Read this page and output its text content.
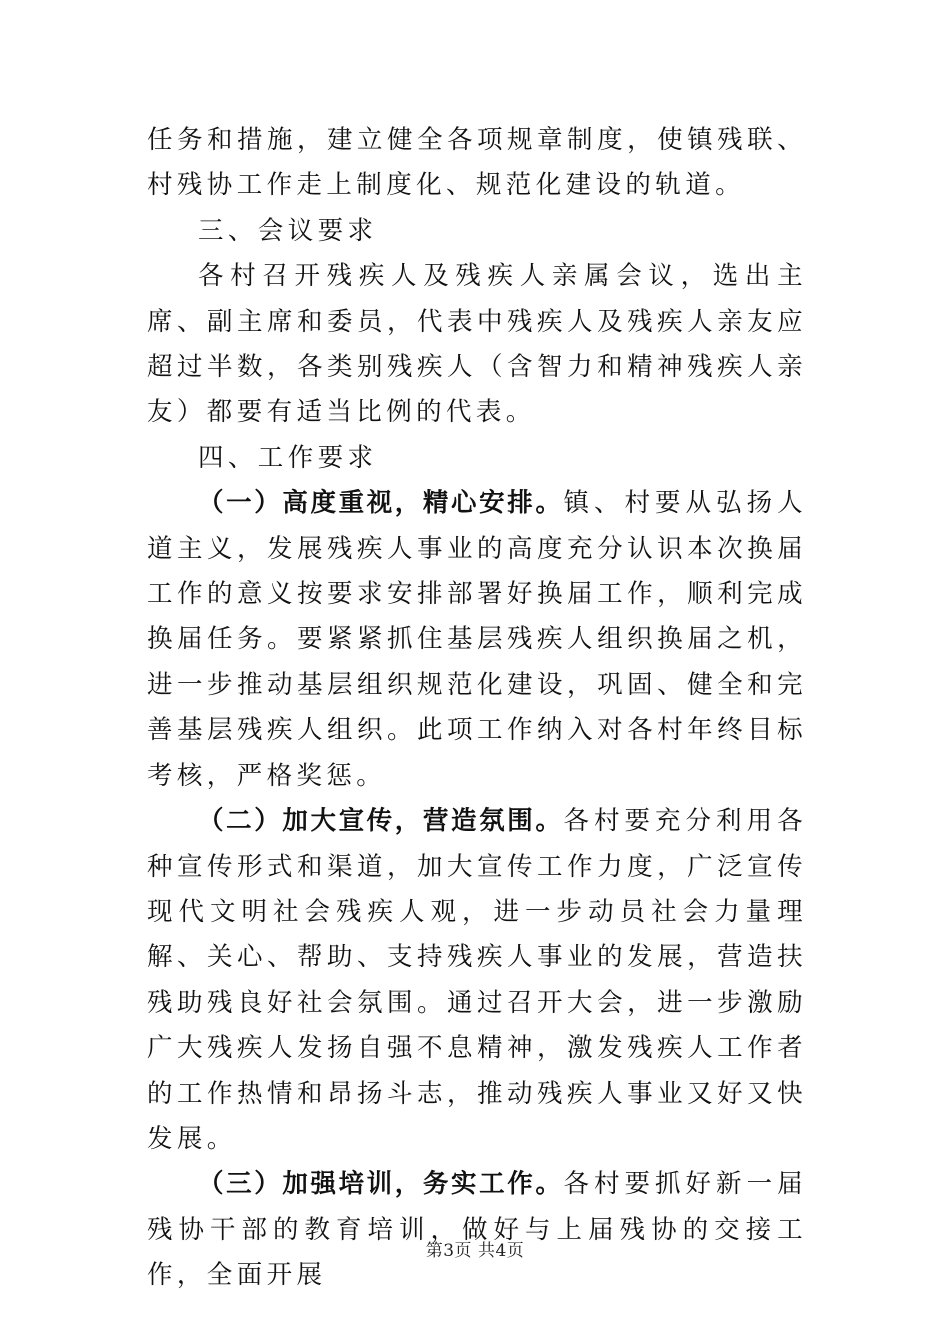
任务和措施，建立健全各项规章制度，使镇残联、村残协工作走上制度化、规范化建设的轨道。

三、会议要求

各村召开残疾人及残疾人亲属会议，选出主席、副主席和委员，代表中残疾人及残疾人亲友应超过半数，各类别残疾人（含智力和精神残疾人亲友）都要有适当比例的代表。

四、工作要求

（一）高度重视，精心安排。镇、村要从弘扬人道主义，发展残疾人事业的高度充分认识本次换届工作的意义按要求安排部署好换届工作，顺利完成换届任务。要紧紧抓住基层残疾人组织换届之机，进一步推动基层组织规范化建设，巩固、健全和完善基层残疾人组织。此项工作纳入对各村年终目标考核，严格奖惩。

（二）加大宣传，营造氛围。各村要充分利用各种宣传形式和渠道，加大宣传工作力度，广泛宣传现代文明社会残疾人观，进一步动员社会力量理解、关心、帮助、支持残疾人事业的发展，营造扶残助残良好社会氛围。通过召开大会，进一步激励广大残疾人发扬自强不息精神，激发残疾人工作者的工作热情和昂扬斗志，推动残疾人事业又好又快发展。

（三）加强培训，务实工作。各村要抓好新一届残协干部的教育培训，做好与上届残协的交接工作，全面开展

第3页 共4页
